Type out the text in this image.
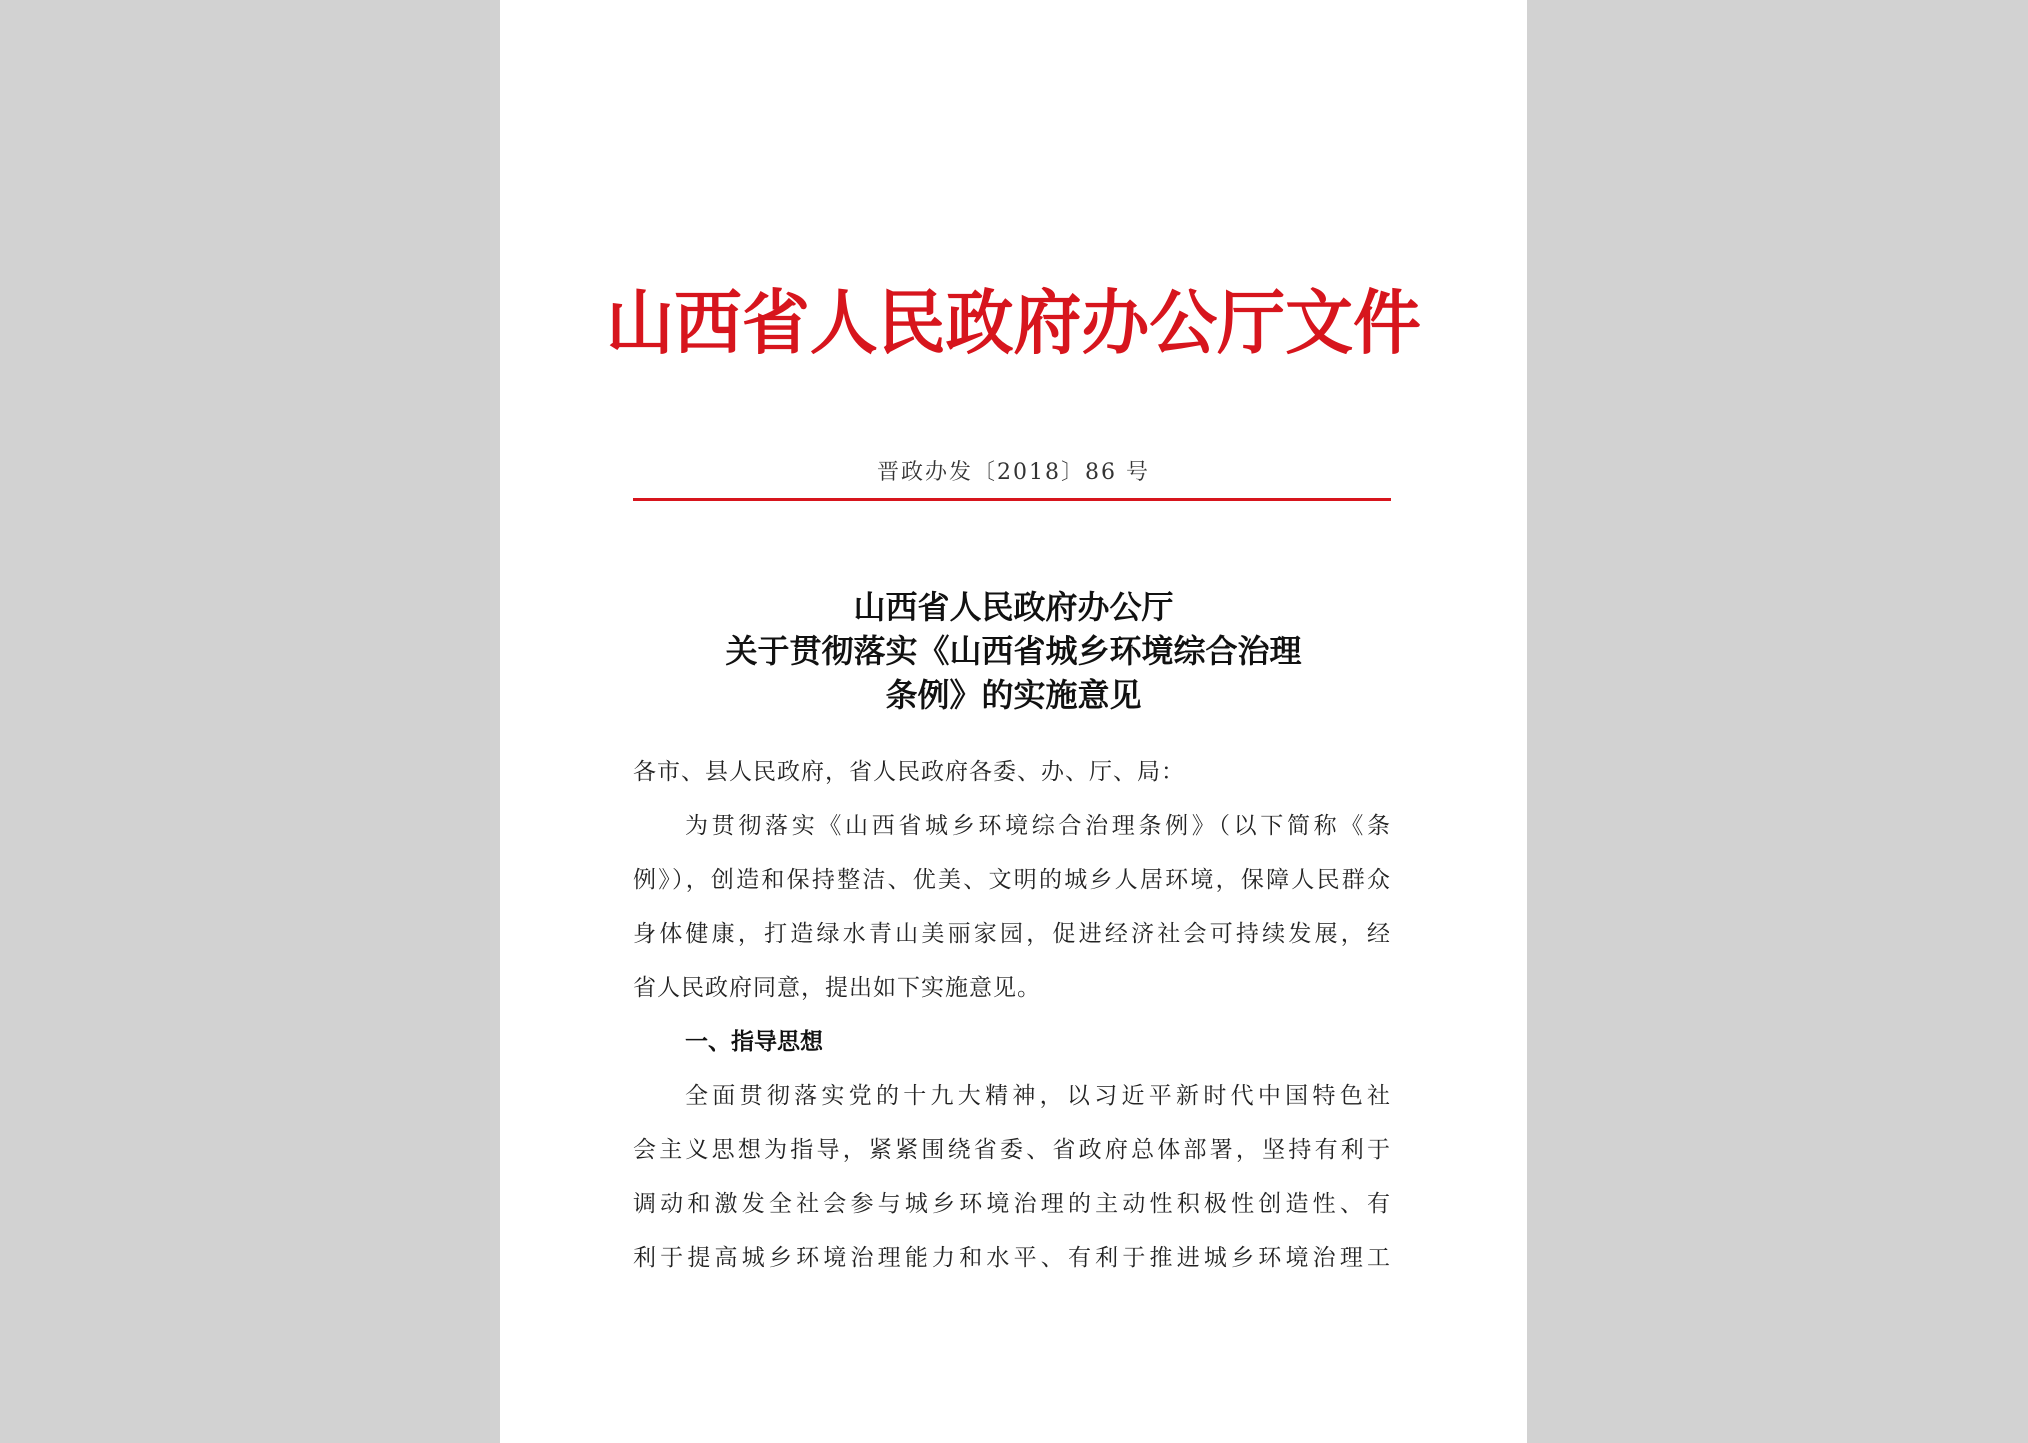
山西省人民政府办公厅文件
晋政办发〔2018〕86 号
山西省人民政府办公厅
关于贯彻落实《山西省城乡环境综合治理
条例》的实施意见
各市、县人民政府，省人民政府各委、办、厅、局：
为贯彻落实《山西省城乡环境综合治理条例》（以下简称《条
例》），创造和保持整洁、优美、文明的城乡人居环境，保障人民群众
身体健康，打造绿水青山美丽家园，促进经济社会可持续发展，经
省人民政府同意，提出如下实施意见。
一、指导思想
全面贯彻落实党的十九大精神，以习近平新时代中国特色社
会主义思想为指导，紧紧围绕省委、省政府总体部署，坚持有利于
调动和激发全社会参与城乡环境治理的主动性积极性创造性、有
利于提高城乡环境治理能力和水平、有利于推进城乡环境治理工
